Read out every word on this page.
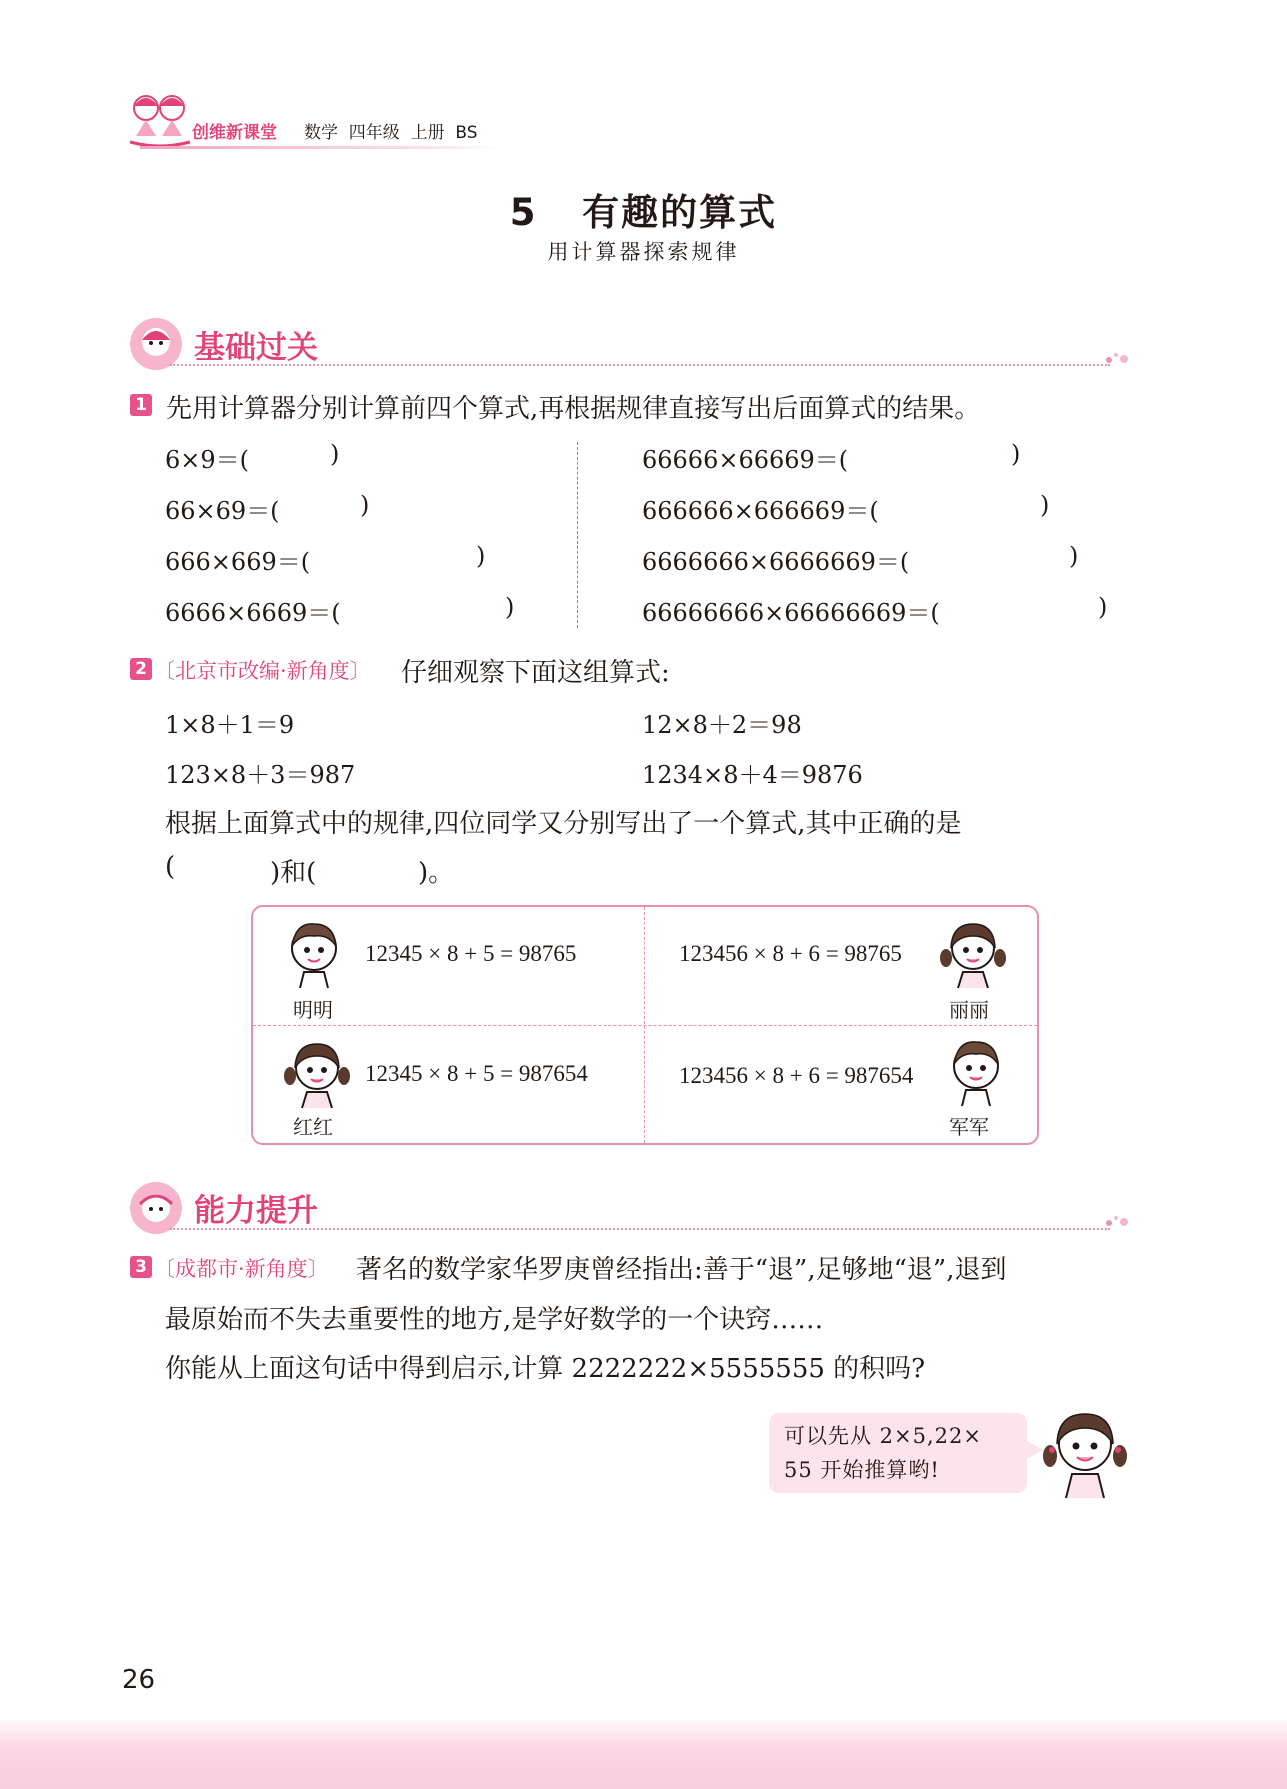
创维新课堂 数学  四年级  上册  BS
5   有趣的算式
用计算器探索规律
基础过关
1 先用计算器分别计算前四个算式,再根据规律直接写出后面算式的结果。
6×9＝(	)
66×69＝(	)
666×669＝(	)
6666×6669＝(	)
66666×66669＝(	)
666666×666669＝(	)
6666666×6666669＝(	)
66666666×66666669＝(	)
2 〔北京市改编·新角度〕 仔细观察下面这组算式:
1×8＋1＝9	12×8＋2＝98
123×8＋3＝987	1234×8＋4＝9876
根据上面算式中的规律,四位同学又分别写出了一个算式,其中正确的是
(	)和(	)。
12345 × 8 + 5 = 98765
明明
123456 × 8 + 6 = 98765
丽丽
12345 × 8 + 5 = 987654
红红
123456 × 8 + 6 = 987654
军军
能力提升
3 〔成都市·新角度〕 著名的数学家华罗庚曾经指出:善于“退”,足够地“退”,退到
最原始而不失去重要性的地方,是学好数学的一个诀窍……
你能从上面这句话中得到启示,计算 2222222×5555555 的积吗?
可以先从 2×5,22×
55 开始推算哟!
26
